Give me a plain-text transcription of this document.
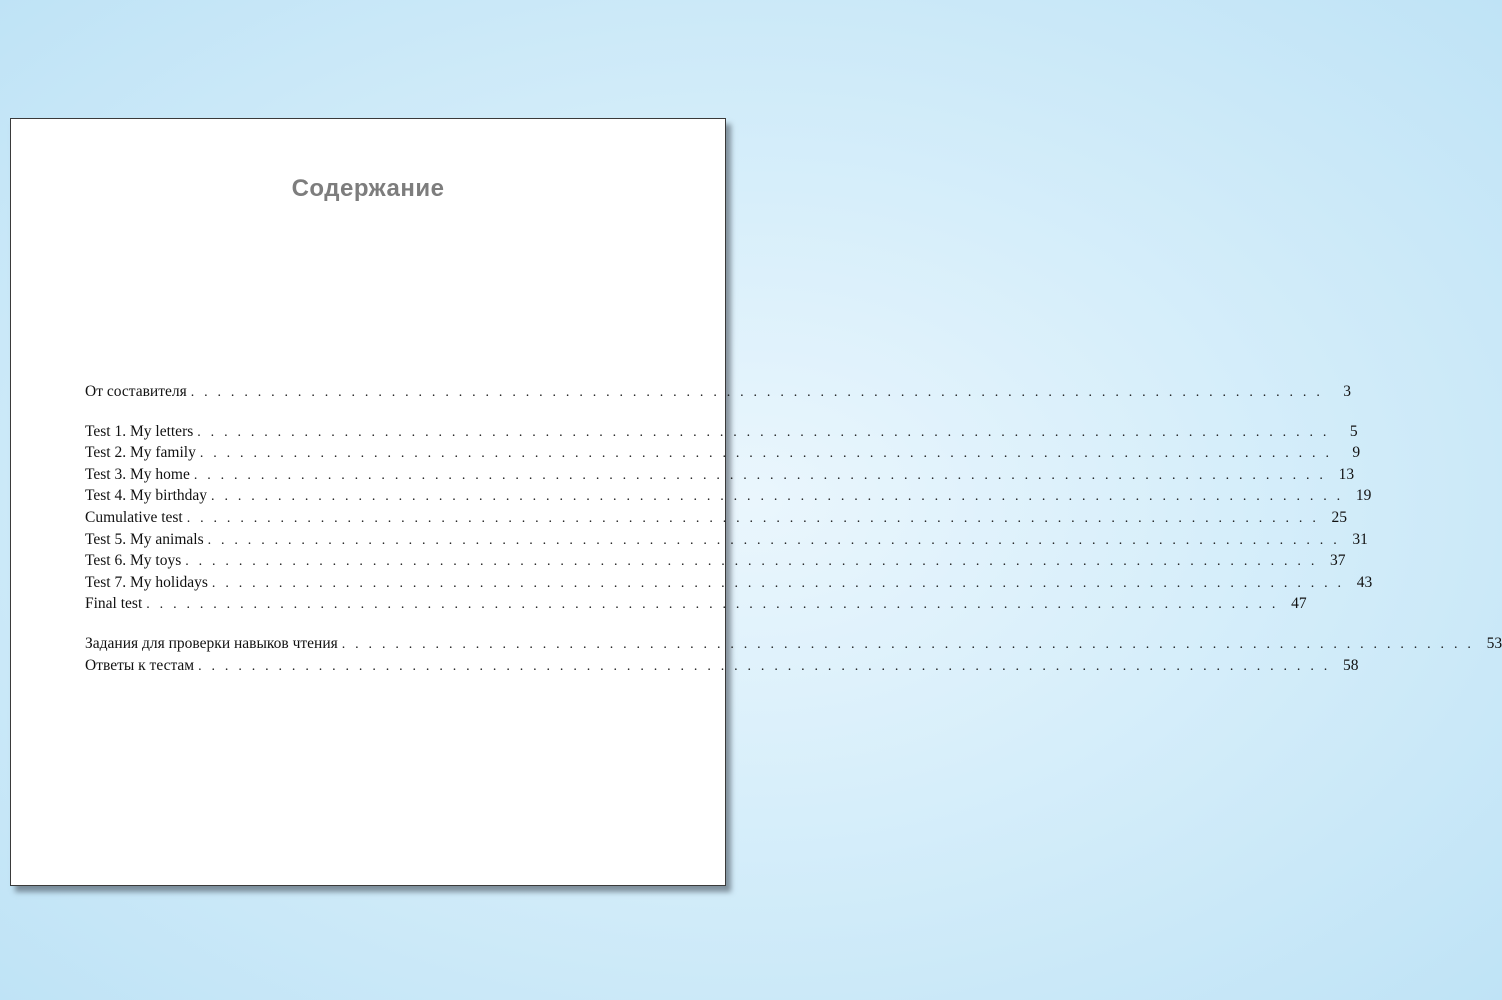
Содержание
От составителя . . . . . . . . . . . . . . . . . . . . . . . . . . . . . . . . . . . . . . . . . . . . . . . . . . . . . . . . . . . . . . . . . . . . . . . . . . . . . . . . . . . . .	3
Test 1. My letters . . . . . . . . . . . . . . . . . . . . . . . . . . . . . . . . . . . . . . . . . . . . . . . . . . . . . . . . . . . . . . . . . . . . . . . . . . . . . . . . . . . . .	5
Test 2. My family . . . . . . . . . . . . . . . . . . . . . . . . . . . . . . . . . . . . . . . . . . . . . . . . . . . . . . . . . . . . . . . . . . . . . . . . . . . . . . . . . . . . .	9
Test 3. My home . . . . . . . . . . . . . . . . . . . . . . . . . . . . . . . . . . . . . . . . . . . . . . . . . . . . . . . . . . . . . . . . . . . . . . . . . . . . . . . . . . . . . 13
Test 4. My birthday . . . . . . . . . . . . . . . . . . . . . . . . . . . . . . . . . . . . . . . . . . . . . . . . . . . . . . . . . . . . . . . . . . . . . . . . . . . . . . . . . . . . . 19
Cumulative test . . . . . . . . . . . . . . . . . . . . . . . . . . . . . . . . . . . . . . . . . . . . . . . . . . . . . . . . . . . . . . . . . . . . . . . . . . . . . . . . . . . . . 25
Test 5. My animals . . . . . . . . . . . . . . . . . . . . . . . . . . . . . . . . . . . . . . . . . . . . . . . . . . . . . . . . . . . . . . . . . . . . . . . . . . . . . . . . . . . . . 31
Test 6. My toys . . . . . . . . . . . . . . . . . . . . . . . . . . . . . . . . . . . . . . . . . . . . . . . . . . . . . . . . . . . . . . . . . . . . . . . . . . . . . . . . . . . . . 37
Test 7. My holidays . . . . . . . . . . . . . . . . . . . . . . . . . . . . . . . . . . . . . . . . . . . . . . . . . . . . . . . . . . . . . . . . . . . . . . . . . . . . . . . . . . . . . 43
Final test . . . . . . . . . . . . . . . . . . . . . . . . . . . . . . . . . . . . . . . . . . . . . . . . . . . . . . . . . . . . . . . . . . . . . . . . . . . . . . . . . . . . . 47
Задания для проверки навыков чтения . . . . . . . . . . . . . . . . . . . . . . . . . . . . . . . . . . . . . . . . . . . . . . . . . . . . . . . . . . . . . . . . . . . . . . . . . . . . . . . . . . . . . 53
Ответы к тестам . . . . . . . . . . . . . . . . . . . . . . . . . . . . . . . . . . . . . . . . . . . . . . . . . . . . . . . . . . . . . . . . . . . . . . . . . . . . . . . . . . . . . 58
